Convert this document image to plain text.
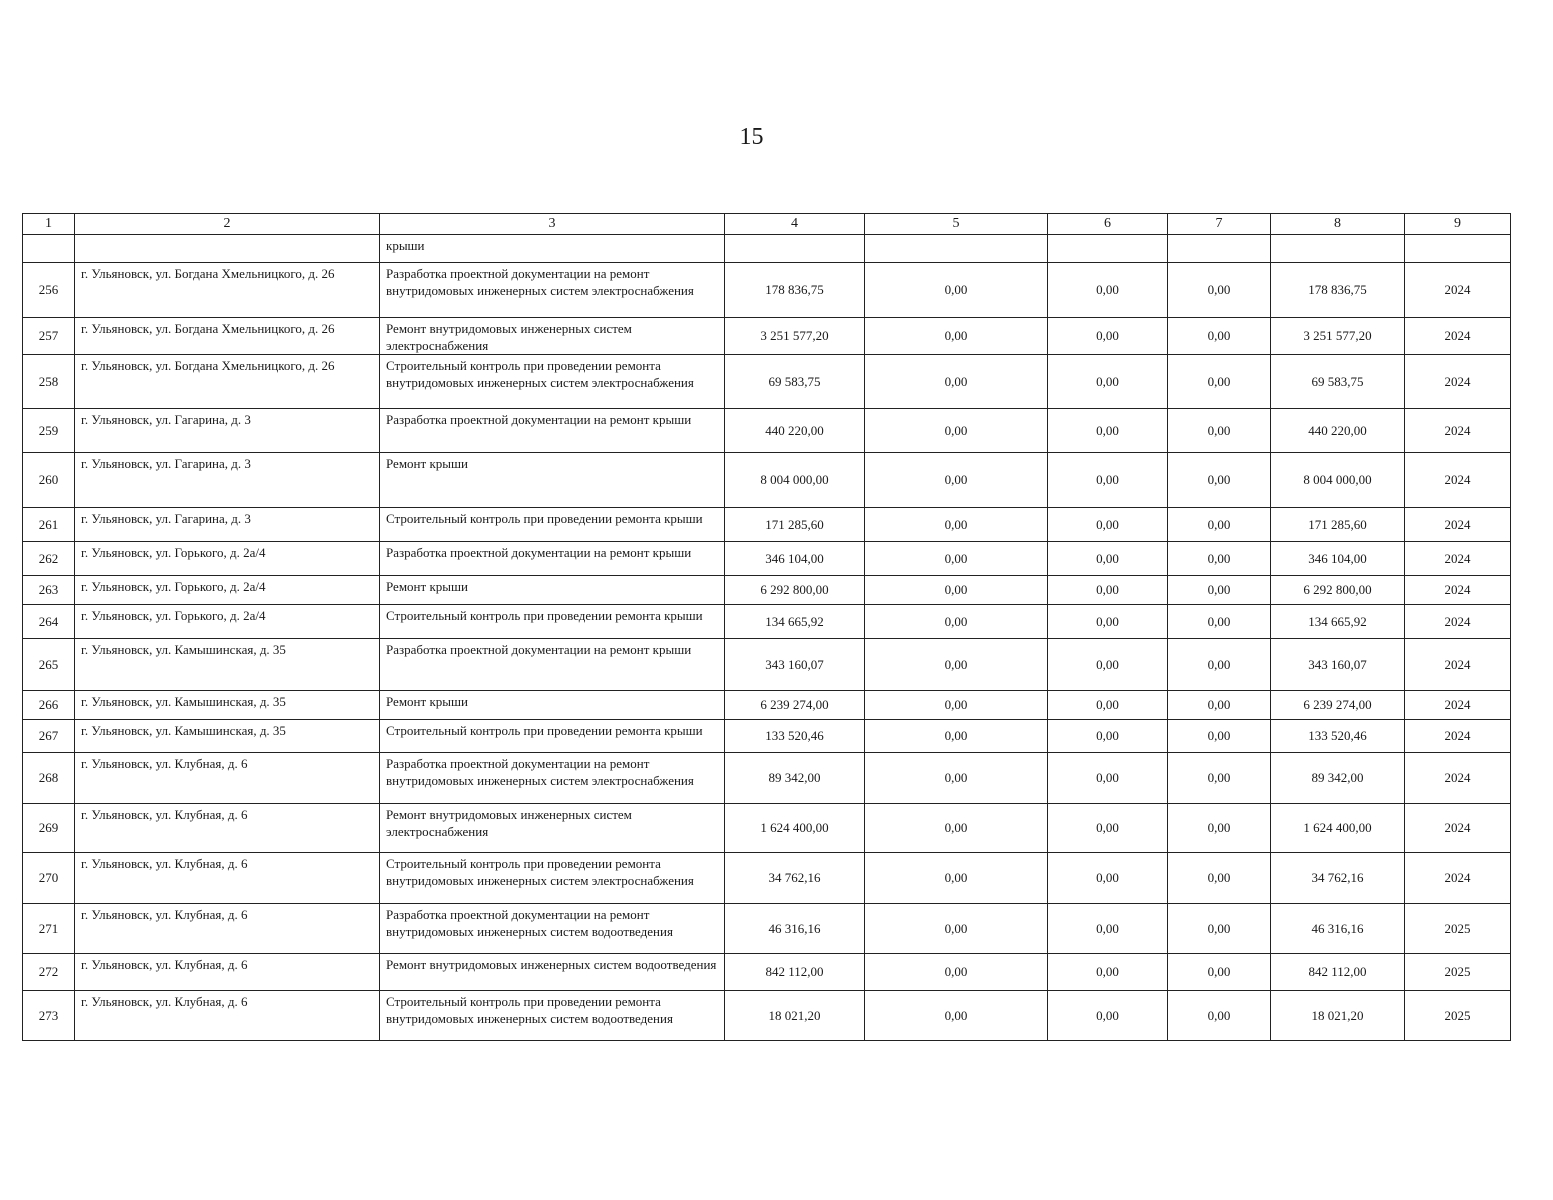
15
1	2	3	4	5	6	7	8	9
		крыши						
256	г. Ульяновск, ул. Богдана Хмельницкого, д. 26	Разработка проектной документации на ремонт внутридомовых инженерных систем электроснабжения	178 836,75	0,00	0,00	0,00	178 836,75	2024
257	г. Ульяновск, ул. Богдана Хмельницкого, д. 26	Ремонт внутридомовых инженерных систем электроснабжения	3 251 577,20	0,00	0,00	0,00	3 251 577,20	2024
258	г. Ульяновск, ул. Богдана Хмельницкого, д. 26	Строительный контроль при проведении ремонта внутридомовых инженерных систем электроснабжения	69 583,75	0,00	0,00	0,00	69 583,75	2024
259	г. Ульяновск, ул. Гагарина, д. 3	Разработка проектной документации на ремонт крыши	440 220,00	0,00	0,00	0,00	440 220,00	2024
260	г. Ульяновск, ул. Гагарина, д. 3	Ремонт крыши	8 004 000,00	0,00	0,00	0,00	8 004 000,00	2024
261	г. Ульяновск, ул. Гагарина, д. 3	Строительный контроль при проведении ремонта крыши	171 285,60	0,00	0,00	0,00	171 285,60	2024
262	г. Ульяновск, ул. Горького, д. 2а/4	Разработка проектной документации на ремонт крыши	346 104,00	0,00	0,00	0,00	346 104,00	2024
263	г. Ульяновск, ул. Горького, д. 2а/4	Ремонт крыши	6 292 800,00	0,00	0,00	0,00	6 292 800,00	2024
264	г. Ульяновск, ул. Горького, д. 2а/4	Строительный контроль при проведении ремонта крыши	134 665,92	0,00	0,00	0,00	134 665,92	2024
265	г. Ульяновск, ул. Камышинская, д. 35	Разработка проектной документации на ремонт крыши	343 160,07	0,00	0,00	0,00	343 160,07	2024
266	г. Ульяновск, ул. Камышинская, д. 35	Ремонт крыши	6 239 274,00	0,00	0,00	0,00	6 239 274,00	2024
267	г. Ульяновск, ул. Камышинская, д. 35	Строительный контроль при проведении ремонта крыши	133 520,46	0,00	0,00	0,00	133 520,46	2024
268	г. Ульяновск, ул. Клубная, д. 6	Разработка проектной документации на ремонт внутридомовых инженерных систем электроснабжения	89 342,00	0,00	0,00	0,00	89 342,00	2024
269	г. Ульяновск, ул. Клубная, д. 6	Ремонт внутридомовых инженерных систем электроснабжения	1 624 400,00	0,00	0,00	0,00	1 624 400,00	2024
270	г. Ульяновск, ул. Клубная, д. 6	Строительный контроль при проведении ремонта внутридомовых инженерных систем электроснабжения	34 762,16	0,00	0,00	0,00	34 762,16	2024
271	г. Ульяновск, ул. Клубная, д. 6	Разработка проектной документации на ремонт внутридомовых инженерных систем водоотведения	46 316,16	0,00	0,00	0,00	46 316,16	2025
272	г. Ульяновск, ул. Клубная, д. 6	Ремонт внутридомовых инженерных систем водоотведения	842 112,00	0,00	0,00	0,00	842 112,00	2025
273	г. Ульяновск, ул. Клубная, д. 6	Строительный контроль при проведении ремонта внутридомовых инженерных систем водоотведения	18 021,20	0,00	0,00	0,00	18 021,20	2025
